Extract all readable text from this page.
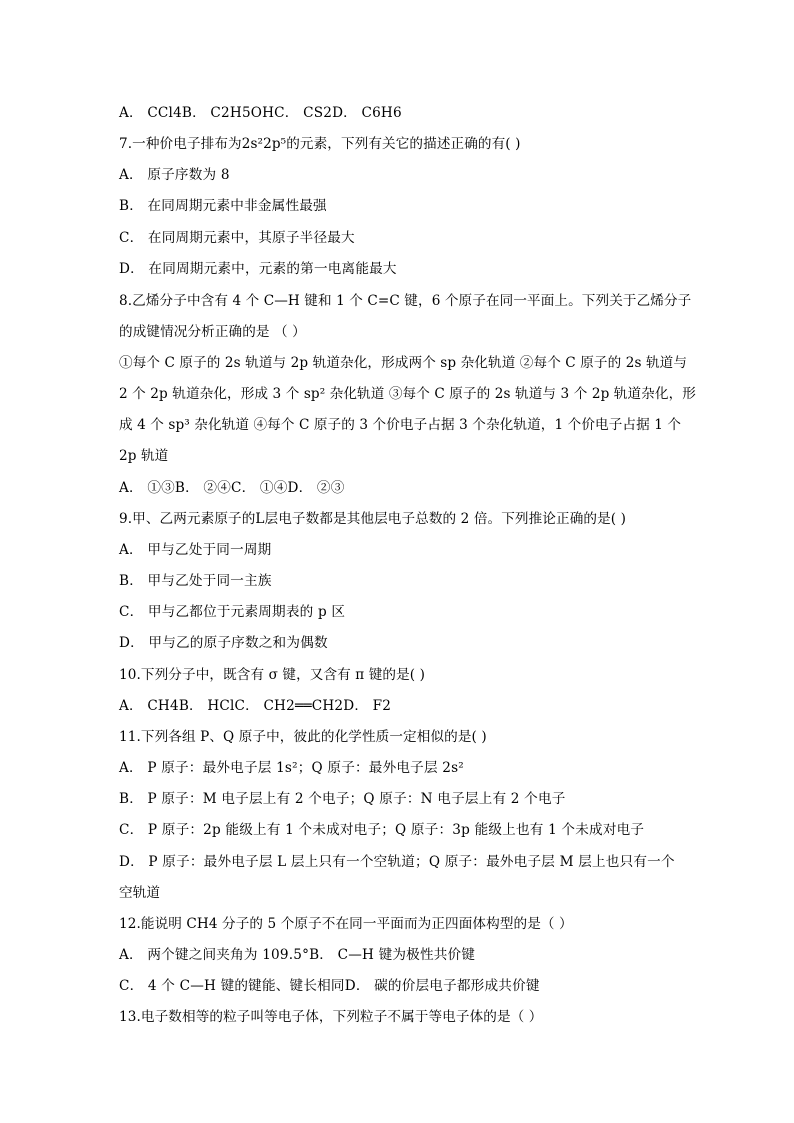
A． CCl4B． C2H5OHC． CS2D． C6H6
7.一种价电子排布为2s²2p⁵的元素，下列有关它的描述正确的有( )
A． 原子序数为 8
B． 在同周期元素中非金属性最强
C． 在同周期元素中，其原子半径最大
D． 在同周期元素中，元素的第一电离能最大
8.乙烯分子中含有 4 个 C—H 键和 1 个 C=C 键，6 个原子在同一平面上。下列关于乙烯分子
的成键情况分析正确的是 （ ）
①每个 C 原子的 2s 轨道与 2p 轨道杂化，形成两个 sp 杂化轨道 ②每个 C 原子的 2s 轨道与
2 个 2p 轨道杂化，形成 3 个 sp² 杂化轨道 ③每个 C 原子的 2s 轨道与 3 个 2p 轨道杂化，形
成 4 个 sp³ 杂化轨道 ④每个 C 原子的 3 个价电子占据 3 个杂化轨道，1 个价电子占据 1 个
2p 轨道
A． ①③B． ②④C． ①④D． ②③
9.甲、乙两元素原子的L层电子数都是其他层电子总数的 2 倍。下列推论正确的是( )
A． 甲与乙处于同一周期
B． 甲与乙处于同一主族
C． 甲与乙都位于元素周期表的 p 区
D． 甲与乙的原子序数之和为偶数
10.下列分子中，既含有 σ 键，又含有 π 键的是( )
A． CH4B． HClC． CH2══CH2D． F2
11.下列各组 P、Q 原子中，彼此的化学性质一定相似的是( )
A． P 原子：最外电子层 1s²；Q 原子：最外电子层 2s²
B． P 原子：M 电子层上有 2 个电子；Q 原子：N 电子层上有 2 个电子
C． P 原子：2p 能级上有 1 个未成对电子；Q 原子：3p 能级上也有 1 个未成对电子
D． P 原子：最外电子层 L 层上只有一个空轨道；Q 原子：最外电子层 M 层上也只有一个
空轨道
12.能说明 CH4 分子的 5 个原子不在同一平面而为正四面体构型的是（ ）
A． 两个键之间夹角为 109.5°B． C—H 键为极性共价键
C． 4 个 C—H 键的键能、键长相同D． 碳的价层电子都形成共价键
13.电子数相等的粒子叫等电子体，下列粒子不属于等电子体的是（ ）
